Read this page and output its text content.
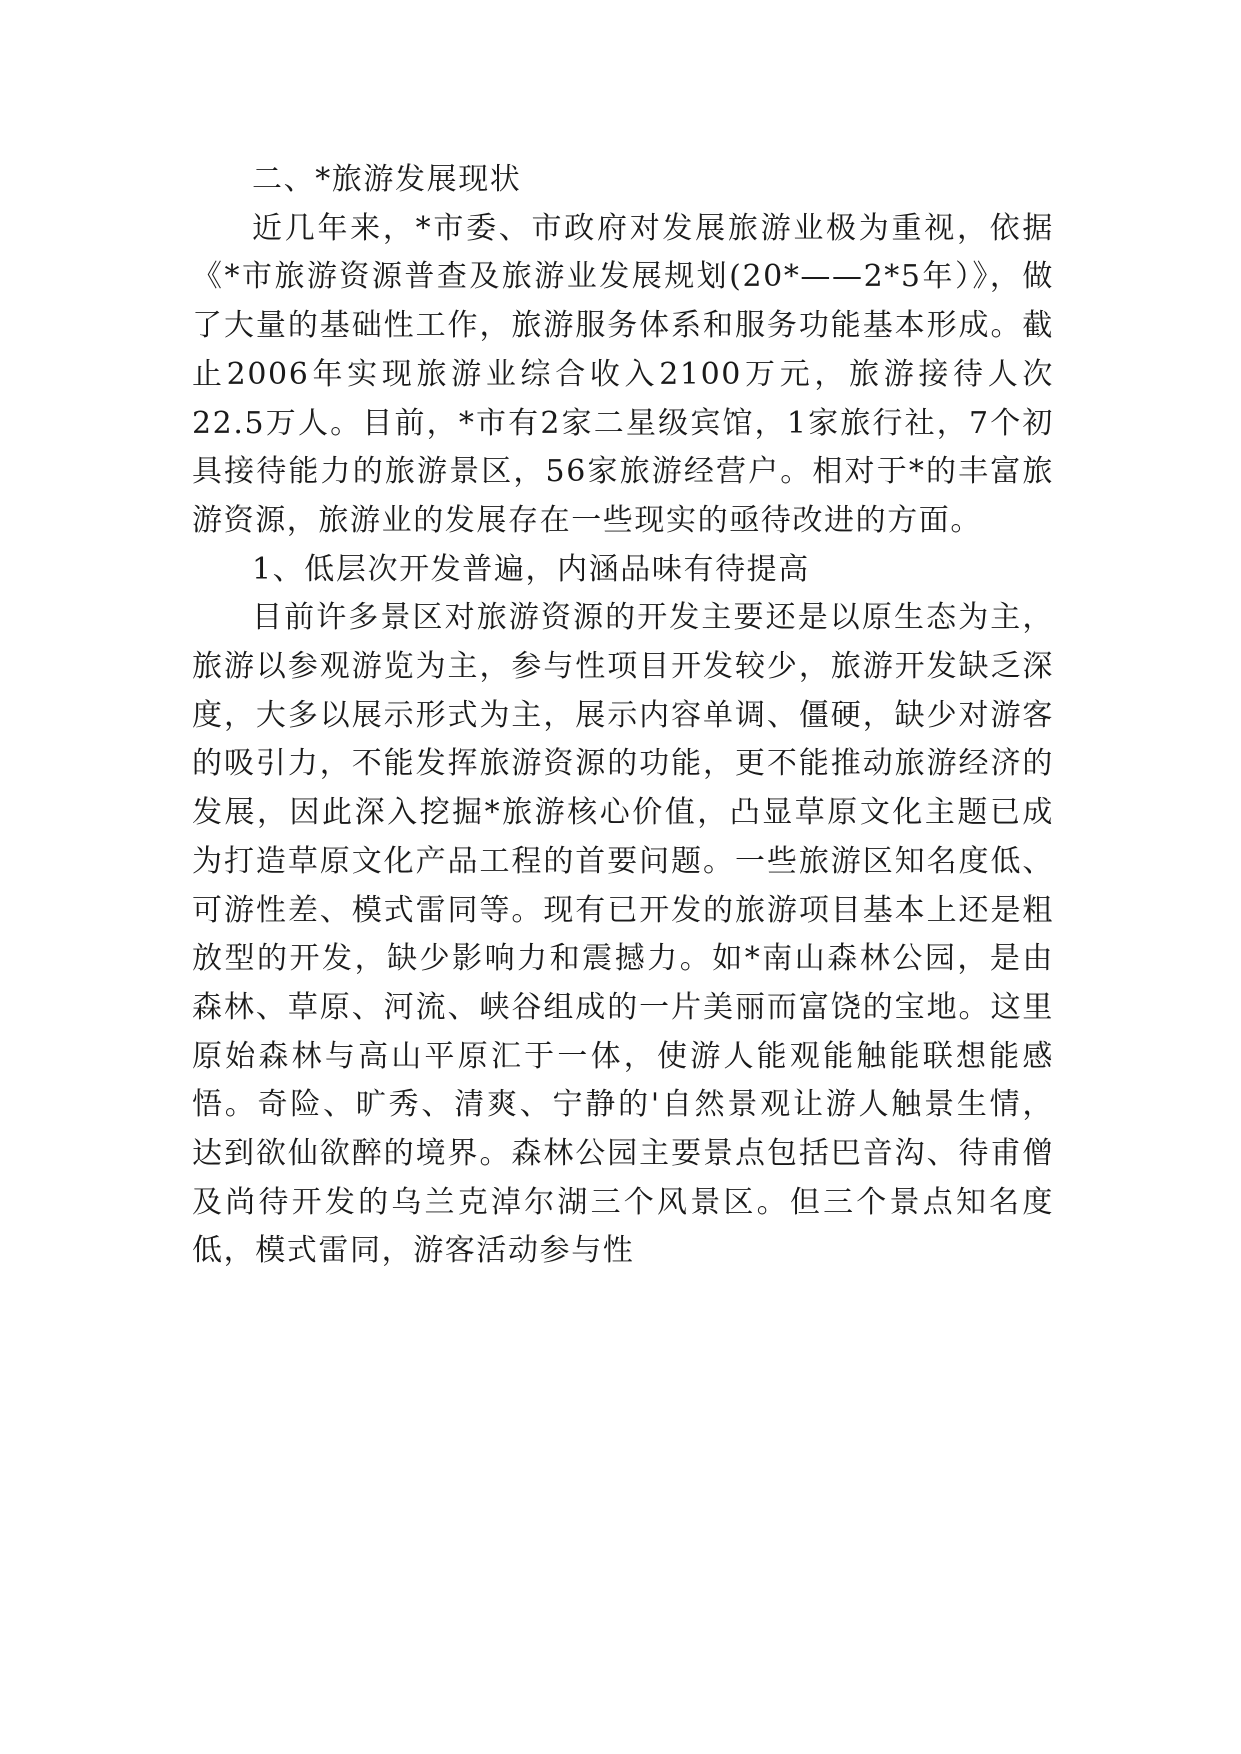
二、*旅游发展现状

近几年来，*市委、市政府对发展旅游业极为重视，依据《*市旅游资源普查及旅游业发展规划(20*——2*5年）》，做了大量的基础性工作，旅游服务体系和服务功能基本形成。截止2006年实现旅游业综合收入2100万元，旅游接待人次22.5万人。目前，*市有2家二星级宾馆，1家旅行社，7个初具接待能力的旅游景区，56家旅游经营户。相对于*的丰富旅游资源，旅游业的发展存在一些现实的亟待改进的方面。

1、低层次开发普遍，内涵品味有待提高

目前许多景区对旅游资源的开发主要还是以原生态为主，旅游以参观游览为主，参与性项目开发较少，旅游开发缺乏深度，大多以展示形式为主，展示内容单调、僵硬，缺少对游客的吸引力，不能发挥旅游资源的功能，更不能推动旅游经济的发展，因此深入挖掘*旅游核心价值，凸显草原文化主题已成为打造草原文化产品工程的首要问题。一些旅游区知名度低、可游性差、模式雷同等。现有已开发的旅游项目基本上还是粗放型的开发，缺少影响力和震撼力。如*南山森林公园，是由森林、草原、河流、峡谷组成的一片美丽而富饶的宝地。这里原始森林与高山平原汇于一体，使游人能观能触能联想能感悟。奇险、旷秀、清爽、宁静的'自然景观让游人触景生情，达到欲仙欲醉的境界。森林公园主要景点包括巴音沟、待甫僧及尚待开发的乌兰克淖尔湖三个风景区。但三个景点知名度低，模式雷同，游客活动参与性
